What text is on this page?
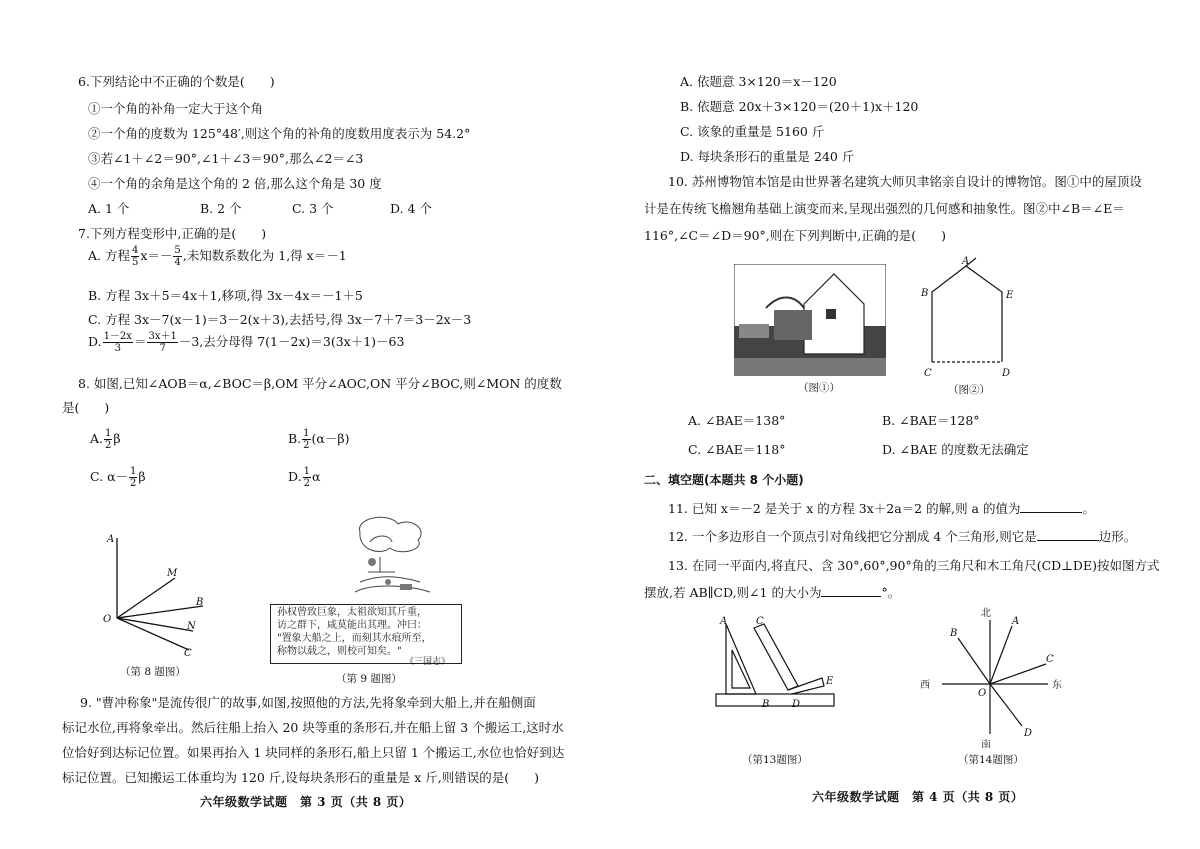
6.下列结论中不正确的个数是(　　)
①一个角的补角一定大于这个角
②一个角的度数为 125°48′,则这个角的补角的度数用度表示为 54.2°
③若∠1＋∠2＝90°,∠1＋∠3＝90°,那么∠2＝∠3
④一个角的余角是这个角的 2 倍,那么这个角是 30 度
A. 1 个	B. 2 个	C. 3 个	D. 4 个
7.下列方程变形中,正确的是(　　)
A. 方程 $\frac{4}{5} x=- \frac{5}{4}$ ,未知数系数化为 1,得 x＝－1
B. 方程 3x＋5＝4x＋1,移项,得 3x－4x＝－1＋5
C. 方程 3x－7(x－1)＝3－2(x＋3),去括号,得 3x－7＋7＝3－2x－3
D. $\frac{1-2x}{3} = \frac{3x+1}{7} -3$,去分母得 7(1－2x)＝3(3x＋1)－63
8. 如图,已知∠AOB＝α,∠BOC＝β,OM 平分∠AOC,ON 平分∠BOC,则∠MON 的度数
是(　　)
A. $\frac{1}{2}$ β	B. $\frac{1}{2} (\alpha-\beta)$
C. $\alpha- \frac{1}{2}$ β	D. $\frac{1}{2}$ α
A
M
B
N
C
O
（第 8 题图）
孙权曾致巨象，太祖欲知其斤重，
访之群下，咸莫能出其理。冲曰：
"置象大船之上，而刻其水痕所至，
称物以载之，则校可知矣。"
《三国志》
（第 9 题图）
9. "曹冲称象"是流传很广的故事,如图,按照他的方法,先将象牵到大船上,并在船侧面
标记水位,再将象牵出。然后往船上抬入 20 块等重的条形石,并在船上留 3 个搬运工,这时水
位恰好到达标记位置。如果再抬入 1 块同样的条形石,船上只留 1 个搬运工,水位也恰好到达
标记位置。已知搬运工体重均为 120 斤,设每块条形石的重量是 x 斤,则错误的是(　　)
六年级数学试题　第 3 页（共 8 页）
A. 依题意 3×120＝x－120
B. 依题意 20x＋3×120＝(20＋1)x＋120
C. 该象的重量是 5160 斤
D. 每块条形石的重量是 240 斤
10. 苏州博物馆本馆是由世界著名建筑大师贝聿铭亲自设计的博物馆。图①中的屋顶设
计是在传统飞檐翘角基础上演变而来,呈现出强烈的几何感和抽象性。图②中∠B＝∠E＝
116°,∠C＝∠D＝90°,则在下列判断中,正确的是(　　)
（图①）
A
B	E
C	D
（图②）
A. ∠BAE＝138°	B. ∠BAE＝128°
C. ∠BAE＝118°	D. ∠BAE 的度数无法确定
二、填空题(本题共 8 个小题)
11. 已知 x＝－2 是关于 x 的方程 3x＋2a＝2 的解,则 a 的值为	。
12. 一个多边形自一个顶点引对角线把它分割成 4 个三角形,则它是	边形。
13. 在同一平面内,将直尺、含 30°,60°,90°角的三角尺和木工角尺(CD⊥DE)按如图方式
摆放,若 AB∥CD,则∠1 的大小为	°。
A	C
E
B D
（第13题图）
北
南
西	东
A
B
C
D
O
（第14题图）
六年级数学试题　第 4 页（共 8 页）
